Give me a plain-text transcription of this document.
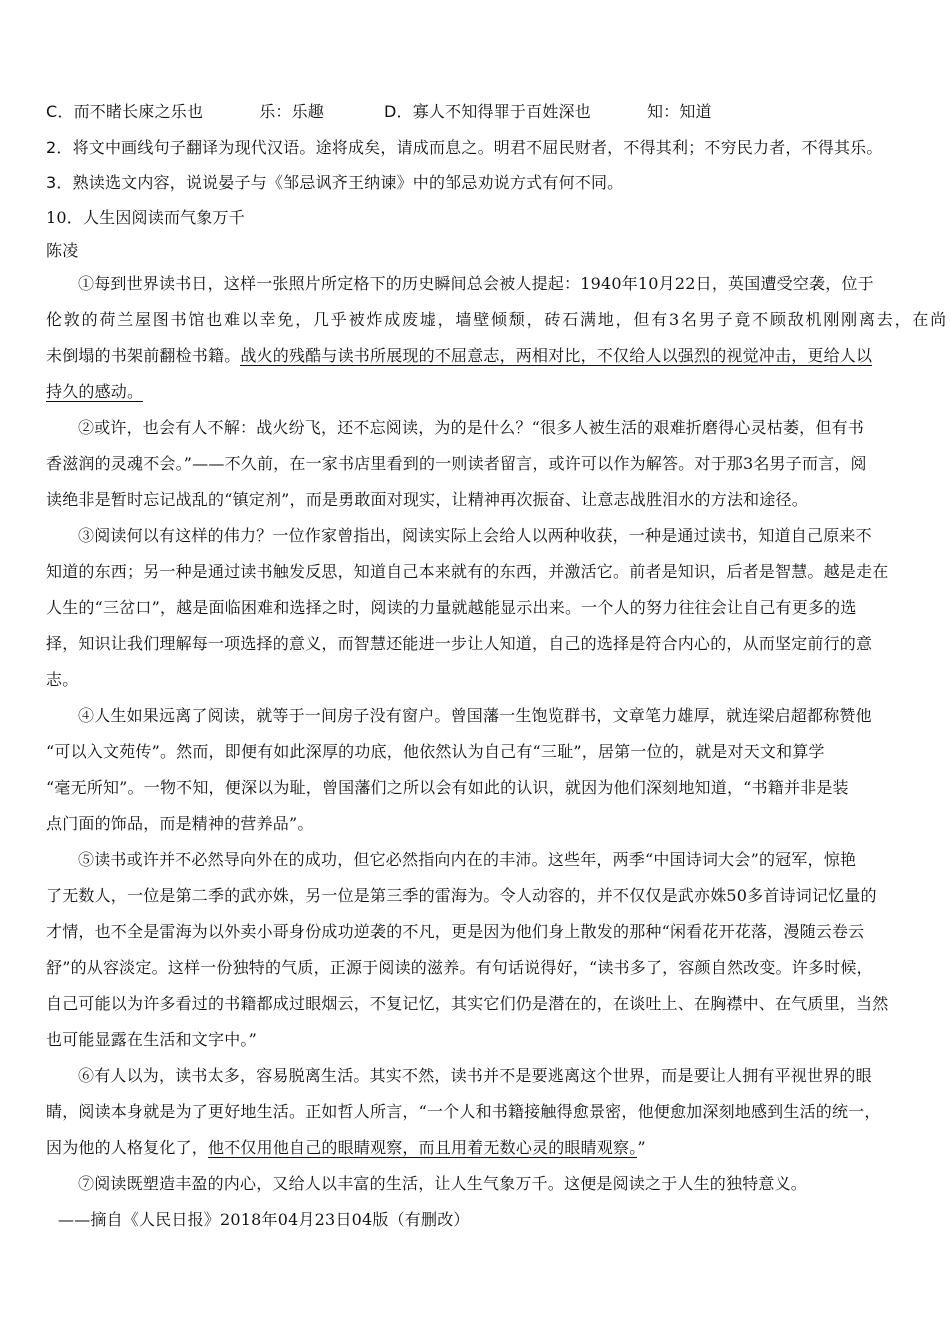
C．而不睹长庲之乐也	乐：乐趣	D．寡人不知得罪于百姓深也	知：知道
2．将文中画线句子翻译为现代汉语。途将成矣，请成而息之。明君不屈民财者，不得其利；不穷民力者，不得其乐。
3．熟读选文内容，说说晏子与《邹忌讽齐王纳谏》中的邹忌劝说方式有何不同。
10．人生因阅读而气象万千
陈凌
①每到世界读书日，这样一张照片所定格下的历史瞬间总会被人提起：1940年10月22日，英国遭受空袭，位于
伦敦的荷兰屋图书馆也难以幸免，几乎被炸成废墟，墙壁倾颓，砖石满地，但有3名男子竟不顾敌机刚刚离去，在尚
未倒塌的书架前翻检书籍。战火的残酷与读书所展现的不屈意志，两相对比，不仅给人以强烈的视觉冲击，更给人以
持久的感动。
②或许，也会有人不解：战火纷飞，还不忘阅读，为的是什么？“很多人被生活的艰难折磨得心灵枯萎，但有书
香滋润的灵魂不会。”——不久前，在一家书店里看到的一则读者留言，或许可以作为解答。对于那3名男子而言，阅
读绝非是暂时忘记战乱的“镇定剂”，而是勇敢面对现实，让精神再次振奋、让意志战胜泪水的方法和途径。
③阅读何以有这样的伟力？一位作家曾指出，阅读实际上会给人以两种收获，一种是通过读书，知道自己原来不
知道的东西；另一种是通过读书触发反思，知道自己本来就有的东西，并激活它。前者是知识，后者是智慧。越是走在
人生的“三岔口”，越是面临困难和选择之时，阅读的力量就越能显示出来。一个人的努力往往会让自己有更多的选
择，知识让我们理解每一项选择的意义，而智慧还能进一步让人知道，自己的选择是符合内心的，从而坚定前行的意
志。
④人生如果远离了阅读，就等于一间房子没有窗户。曾国藩一生饱览群书，文章笔力雄厚，就连梁启超都称赞他
“可以入文苑传”。然而，即便有如此深厚的功底，他依然认为自己有“三耻”，居第一位的，就是对天文和算学
“毫无所知”。一物不知，便深以为耻，曾国藩们之所以会有如此的认识，就因为他们深刻地知道，“书籍并非是装
点门面的饰品，而是精神的营养品”。
⑤读书或许并不必然导向外在的成功，但它必然指向内在的丰沛。这些年，两季“中国诗词大会”的冠军，惊艳
了无数人，一位是第二季的武亦姝，另一位是第三季的雷海为。令人动容的，并不仅仅是武亦姝50多首诗词记忆量的
才情，也不全是雷海为以外卖小哥身份成功逆袭的不凡，更是因为他们身上散发的那种“闲看花开花落，漫随云卷云
舒”的从容淡定。这样一份独特的气质，正源于阅读的滋养。有句话说得好，“读书多了，容颜自然改变。许多时候，
自己可能以为许多看过的书籍都成过眼烟云，不复记忆，其实它们仍是潜在的，在谈吐上、在胸襟中、在气质里，当然
也可能显露在生活和文字中。”
⑥有人以为，读书太多，容易脱离生活。其实不然，读书并不是要逃离这个世界，而是要让人拥有平视世界的眼
睛，阅读本身就是为了更好地生活。正如哲人所言，“一个人和书籍接触得愈景密，他便愈加深刻地感到生活的统一，
因为他的人格复化了，他不仅用他自己的眼睛观察，而且用着无数心灵的眼睛观察。”
⑦阅读既塑造丰盈的内心，又给人以丰富的生活，让人生气象万千。这便是阅读之于人生的独特意义。
——摘自《人民日报》2018年04月23日04版（有删改）
